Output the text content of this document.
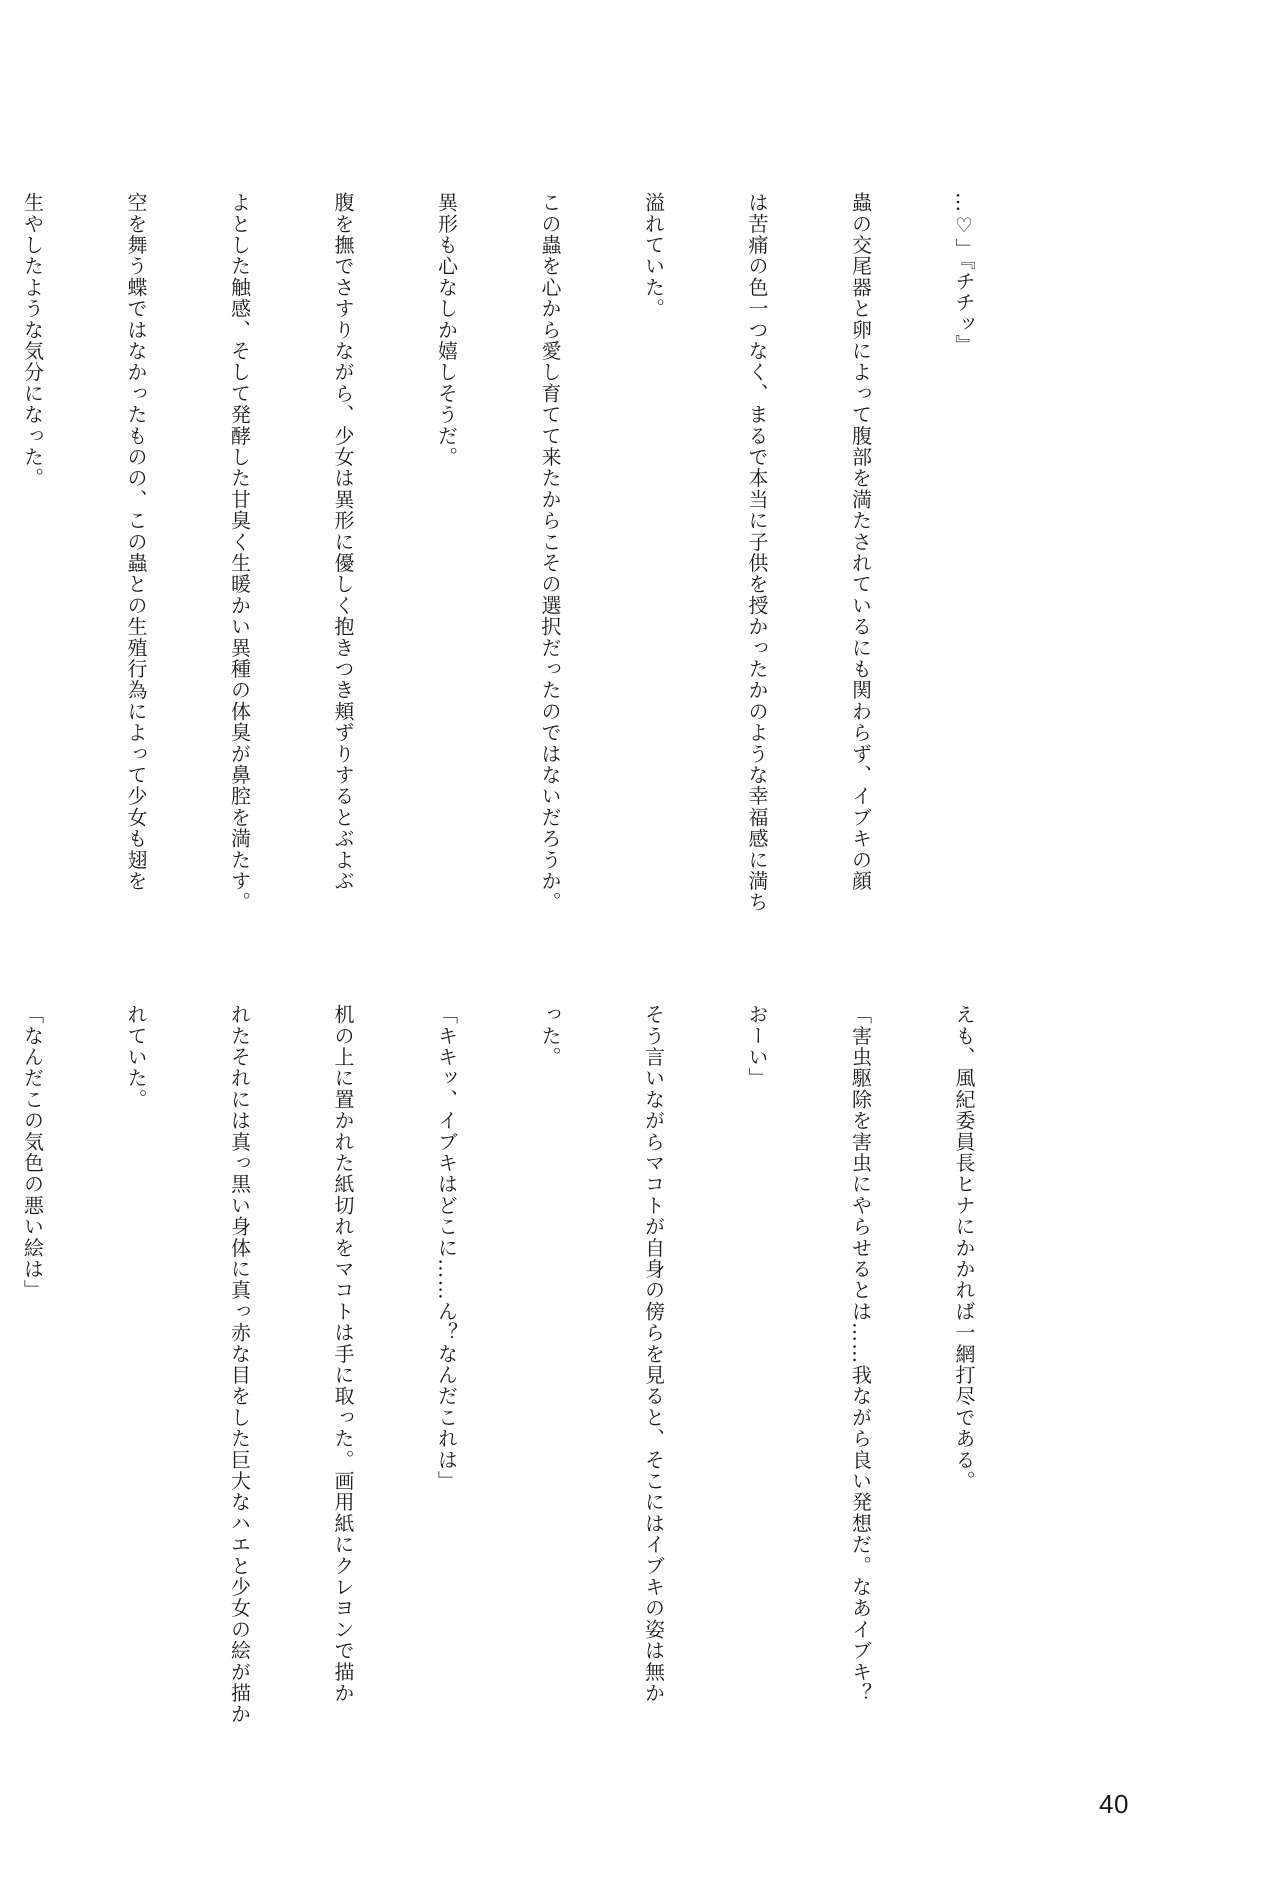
…♡」『チチッ』

蟲の交尾器と卵によって腹部を満たされているにも関わらず、イブキの顔

は苦痛の色一つなく、まるで本当に子供を授かったかのような幸福感に満ち

溢れていた。

この蟲を心から愛し育てて来たからこその選択だったのではないだろうか。

異形も心なしか嬉しそうだ。

腹を撫でさすりながら、少女は異形に優しく抱きつき頬ずりするとぶよぶ

よとした触感、そして発酵した甘臭く生暖かい異種の体臭が鼻腔を満たす。

空を舞う蝶ではなかったものの、この蟲との生殖行為によって少女も翅を

生やしたような気分になった。

えも、風紀委員長ヒナにかかれば一網打尽である。

「害虫駆除を害虫にやらせるとは……我ながら良い発想だ。なあイブキ？

おーい」

そう言いながらマコトが自身の傍らを見ると、そこにはイブキの姿は無か

った。

「キキッ、イブキはどこに……ん？なんだこれは」

机の上に置かれた紙切れをマコトは手に取った。画用紙にクレヨンで描か

れたそれには真っ黒い身体に真っ赤な目をした巨大なハエと少女の絵が描か

れていた。

「なんだこの気色の悪い絵は」

40
